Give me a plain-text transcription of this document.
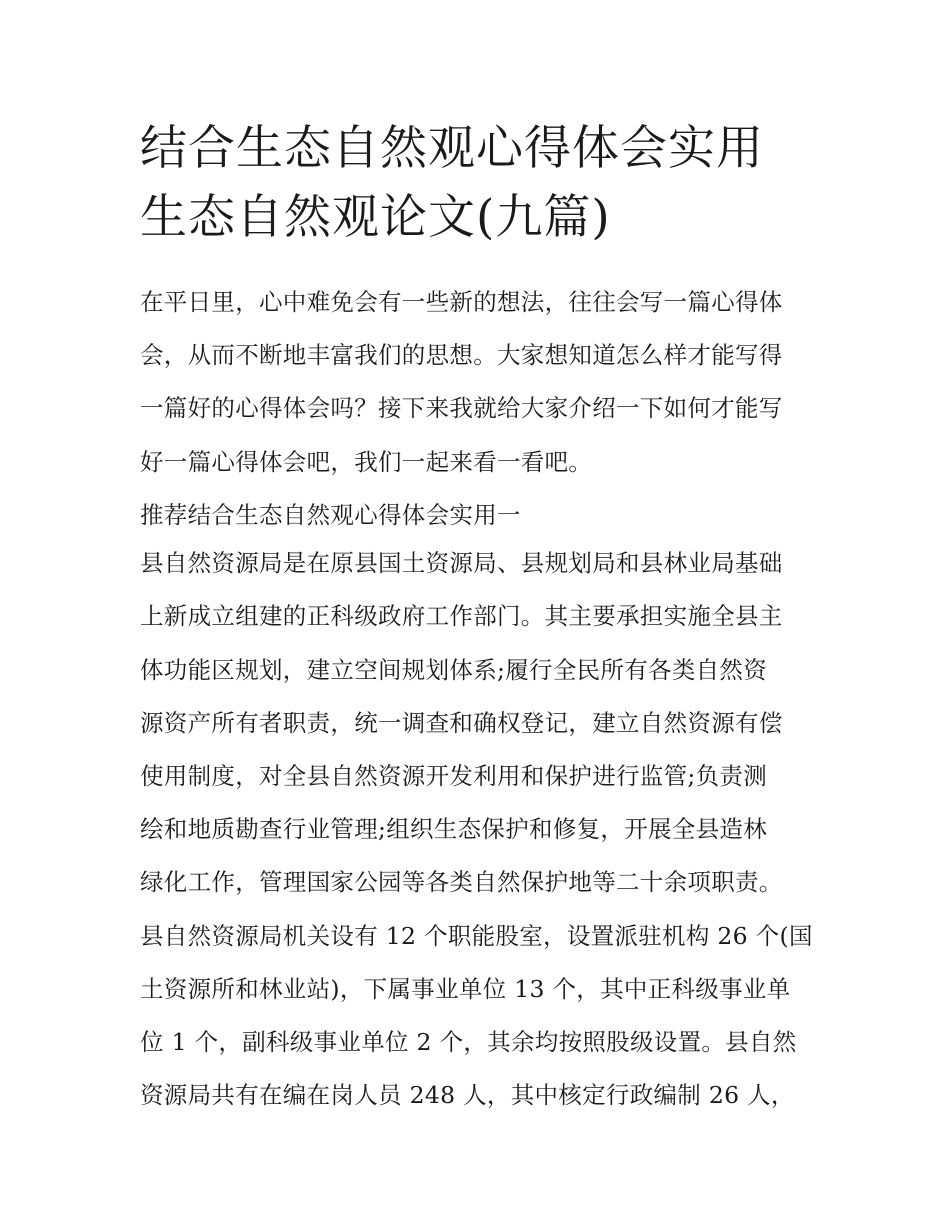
结合生态自然观心得体会实用
生态自然观论文(九篇)
在平日里，心中难免会有一些新的想法，往往会写一篇心得体
会，从而不断地丰富我们的思想。大家想知道怎么样才能写得
一篇好的心得体会吗？接下来我就给大家介绍一下如何才能写
好一篇心得体会吧，我们一起来看一看吧。
推荐结合生态自然观心得体会实用一
县自然资源局是在原县国土资源局、县规划局和县林业局基础
上新成立组建的正科级政府工作部门。其主要承担实施全县主
体功能区规划，建立空间规划体系;履行全民所有各类自然资
源资产所有者职责，统一调查和确权登记，建立自然资源有偿
使用制度，对全县自然资源开发利用和保护进行监管;负责测
绘和地质勘查行业管理;组织生态保护和修复，开展全县造林
绿化工作，管理国家公园等各类自然保护地等二十余项职责。
县自然资源局机关设有 12 个职能股室，设置派驻机构 26 个(国
土资源所和林业站)，下属事业单位 13 个，其中正科级事业单
位 1 个，副科级事业单位 2 个，其余均按照股级设置。县自然
资源局共有在编在岗人员 248 人，其中核定行政编制 26 人，
